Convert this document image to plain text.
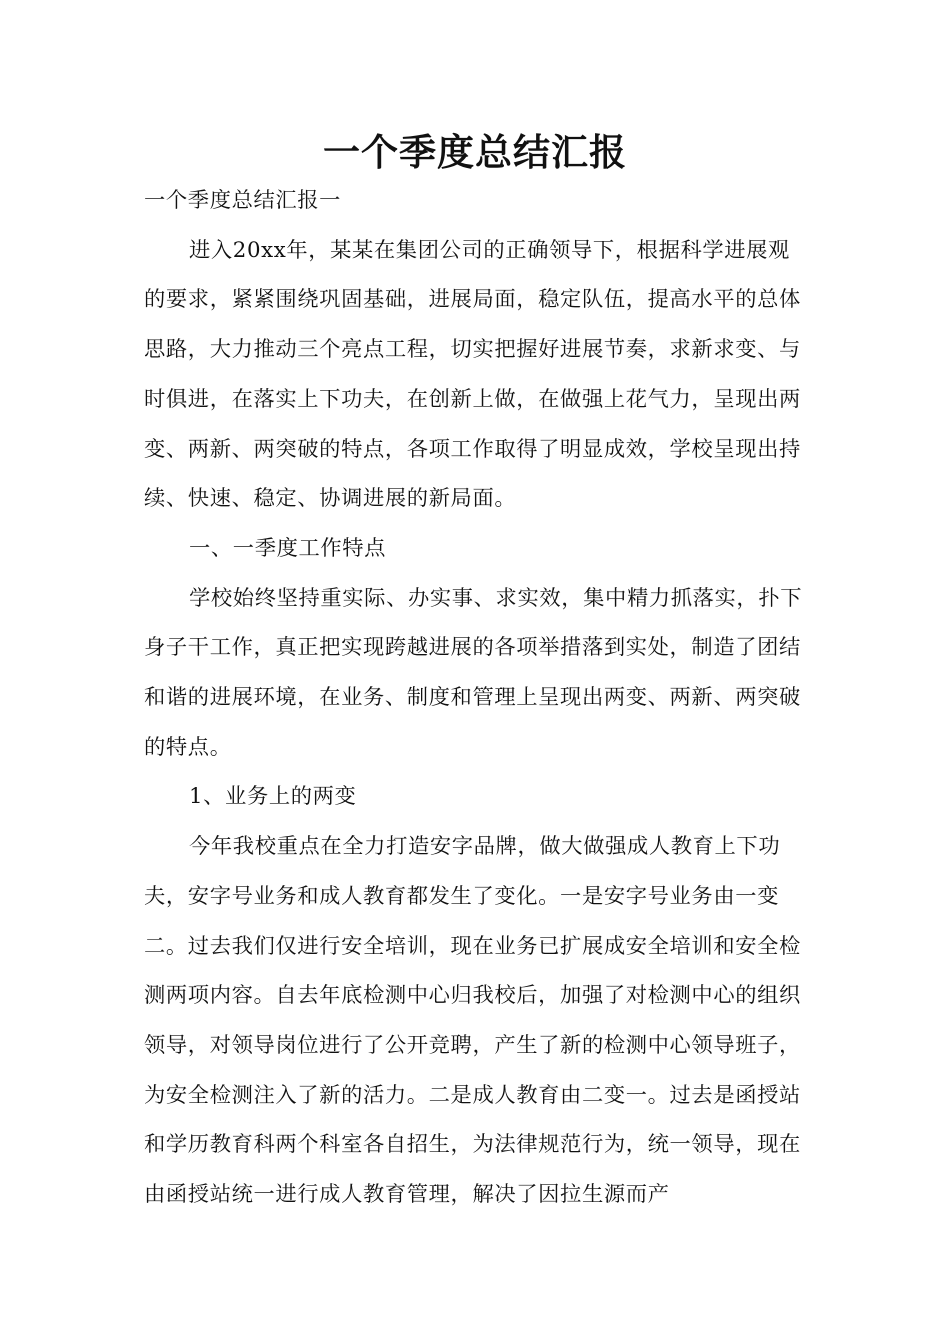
一个季度总结汇报

一个季度总结汇报一

进入20xx年，某某在集团公司的正确领导下，根据科学进展观的要求，紧紧围绕巩固基础，进展局面，稳定队伍，提高水平的总体思路，大力推动三个亮点工程，切实把握好进展节奏，求新求变、与时俱进，在落实上下功夫，在创新上做，在做强上花气力，呈现出两变、两新、两突破的特点，各项工作取得了明显成效，学校呈现出持续、快速、稳定、协调进展的新局面。

一、一季度工作特点

学校始终坚持重实际、办实事、求实效，集中精力抓落实，扑下身子干工作，真正把实现跨越进展的各项举措落到实处，制造了团结和谐的进展环境，在业务、制度和管理上呈现出两变、两新、两突破的特点。

1、业务上的两变

今年我校重点在全力打造安字品牌，做大做强成人教育上下功夫，安字号业务和成人教育都发生了变化。一是安字号业务由一变二。过去我们仅进行安全培训，现在业务已扩展成安全培训和安全检测两项内容。自去年底检测中心归我校后，加强了对检测中心的组织领导，对领导岗位进行了公开竞聘，产生了新的检测中心领导班子，为安全检测注入了新的活力。二是成人教育由二变一。过去是函授站和学历教育科两个科室各自招生，为法律规范行为，统一领导，现在由函授站统一进行成人教育管理，解决了因拉生源而产
